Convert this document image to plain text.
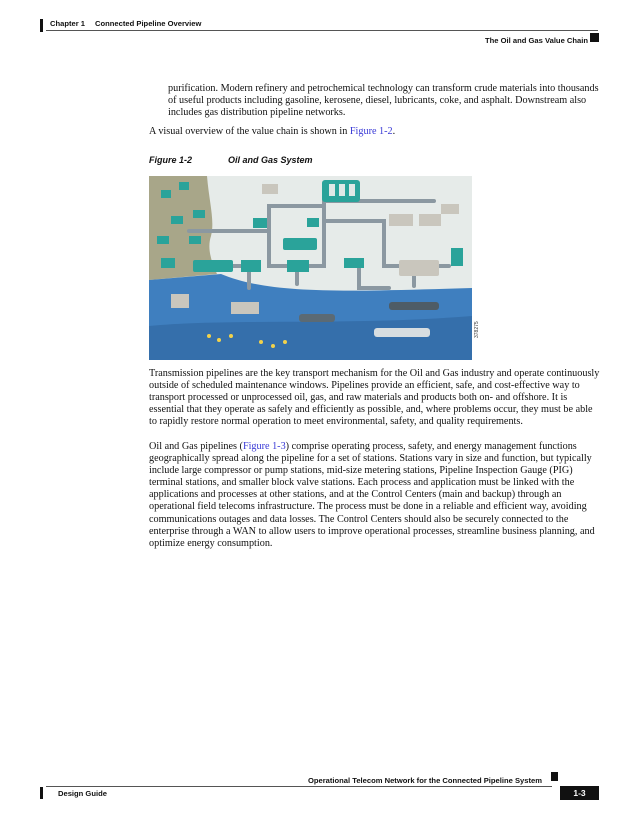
Chapter 1 Connected Pipeline Overview
The Oil and Gas Value Chain

purification. Modern refinery and petrochemical technology can transform crude materials into thousands of useful products including gasoline, kerosene, diesel, lubricants, coke, and asphalt. Downstream also includes gas distribution pipeline networks.

A visual overview of the value chain is shown in Figure 1-2.

Figure 1-2	Oil and Gas System
378275

Transmission pipelines are the key transport mechanism for the Oil and Gas industry and operate continuously outside of scheduled maintenance windows. Pipelines provide an efficient, safe, and cost-effective way to transport processed or unprocessed oil, gas, and raw materials and products both on- and offshore. It is essential that they operate as safely and efficiently as possible, and, where problems occur, they must be able to rapidly restore normal operation to meet environmental, safety, and quality requirements.

Oil and Gas pipelines (Figure 1-3) comprise operating process, safety, and energy management functions geographically spread along the pipeline for a set of stations. Stations vary in size and function, but typically include large compressor or pump stations, mid-size metering stations, Pipeline Inspection Gauge (PIG) terminal stations, and smaller block valve stations. Each process and application must be linked with the applications and processes at other stations, and at the Control Centers (main and backup) through an operational field telecoms infrastructure. The process must be done in a reliable and efficient way, avoiding communications outages and data losses. The Control Centers should also be securely connected to the enterprise through a WAN to allow users to improve operational processes, streamline business planning, and optimize energy consumption.

Operational Telecom Network for the Connected Pipeline System
Design Guide	1-3
